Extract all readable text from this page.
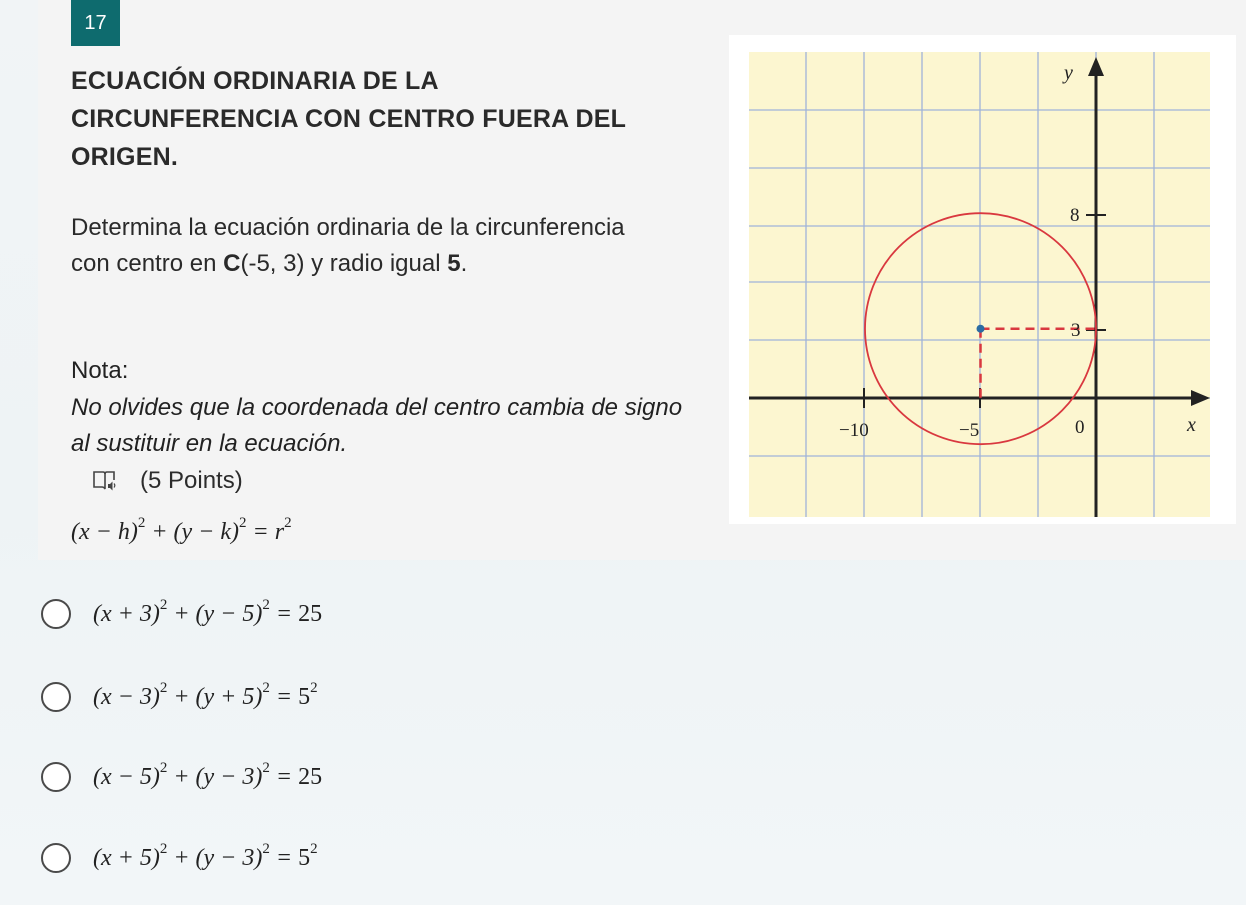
17
ECUACIÓN ORDINARIA DE LA CIRCUNFERENCIA CON CENTRO FUERA DEL ORIGEN.
Determina la ecuación ordinaria de la circunferencia con centro en C(-5, 3) y radio igual 5.
Nota:
No olvides que la coordenada del centro cambia de signo al sustituir en la ecuación.
(5 Points)
$(x - h)^2 + (y - k)^2 = r^2$
y
x
8
3
−10	−5	0
$(x + 3)^2 + (y - 5)^2 = 25$
$(x - 3)^2 + (y + 5)^2 = 5^2$
$(x - 5)^2 + (y - 3)^2 = 25$
$(x + 5)^2 + (y - 3)^2 = 5^2$
